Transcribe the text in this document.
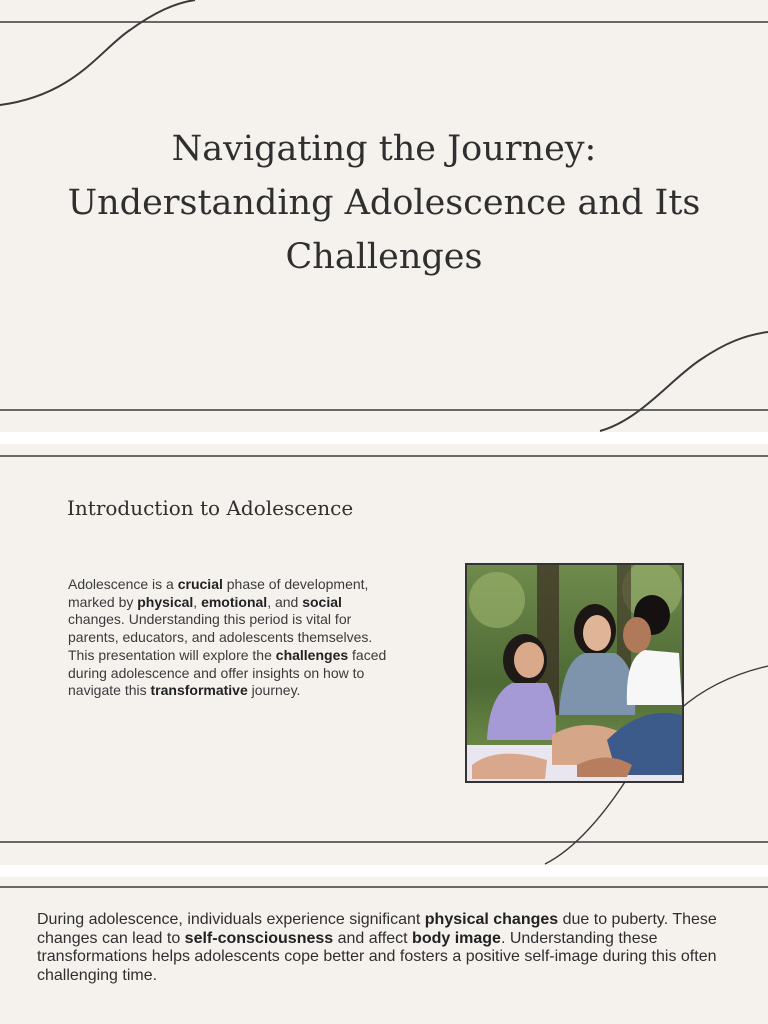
Navigating the Journey: Understanding Adolescence and Its Challenges
Introduction to Adolescence

Adolescence is a crucial phase of development, marked by physical, emotional, and social changes. Understanding this period is vital for parents, educators, and adolescents themselves. This presentation will explore the challenges faced during adolescence and offer insights on how to navigate this transformative journey.

During adolescence, individuals experience significant physical changes due to puberty. These changes can lead to self-consciousness and affect body image. Understanding these transformations helps adolescents cope better and fosters a positive self-image during this often challenging time.
